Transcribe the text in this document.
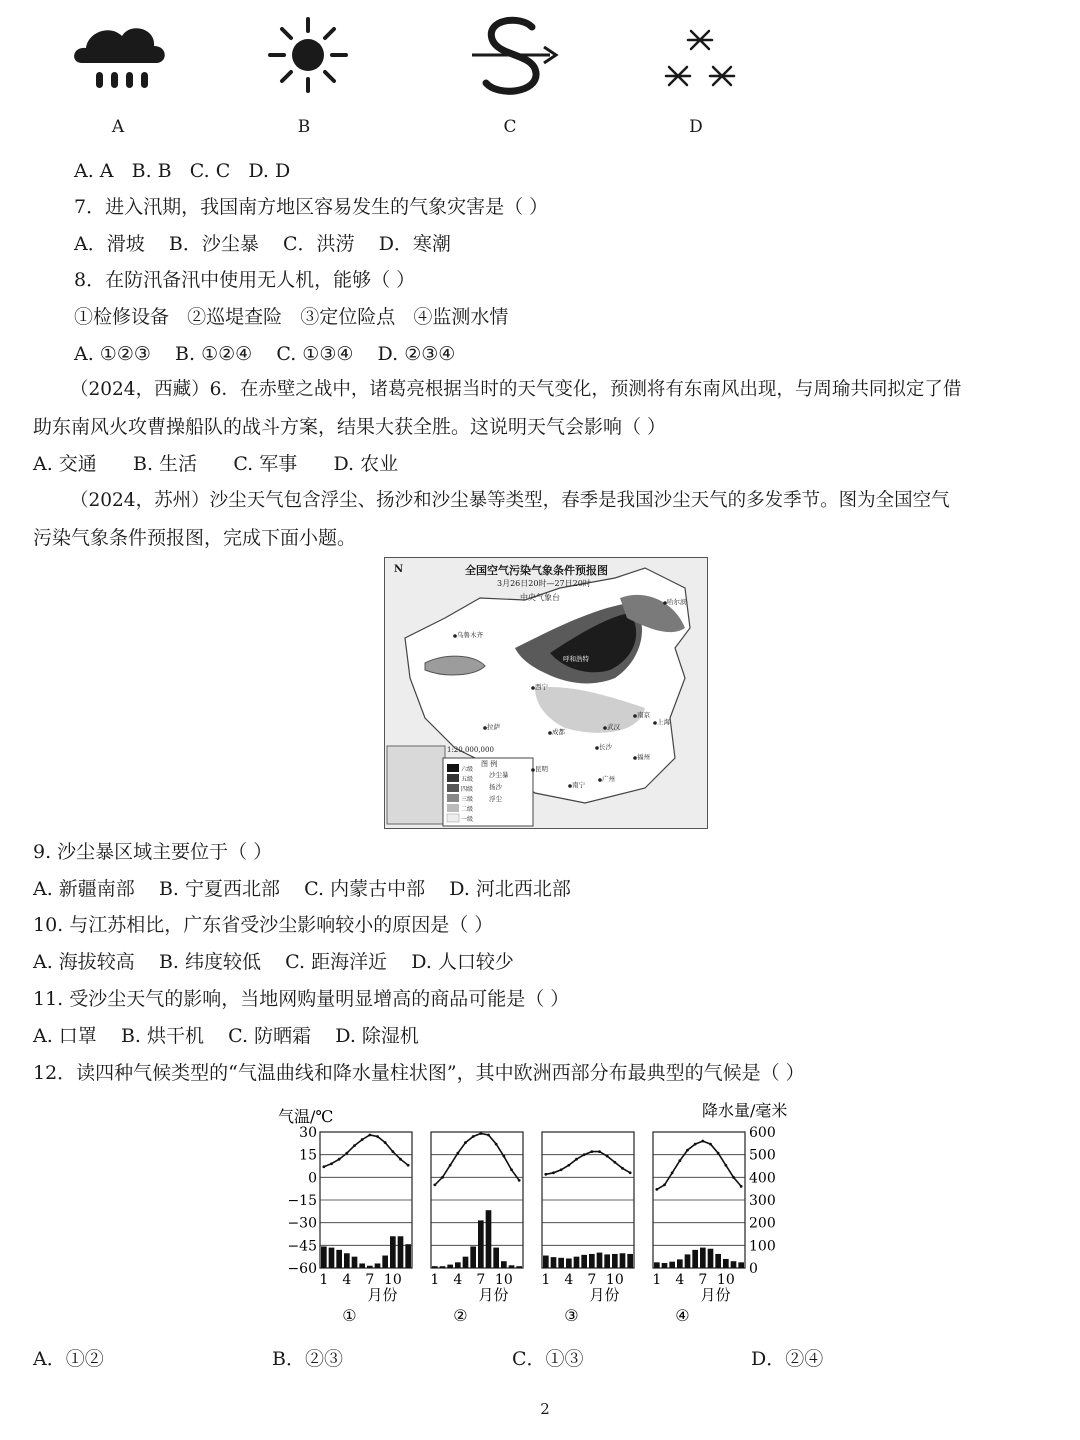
A	B	C	D
A. A   B. B   C. C   D. D
7．进入汛期，我国南方地区容易发生的气象灾害是（ ）
A．滑坡    B．沙尘暴    C．洪涝    D．寒潮
8．在防汛备汛中使用无人机，能够（ ）
①检修设备   ②巡堤查险   ③定位险点   ④监测水情
A. ①②③    B. ①②④    C. ①③④    D. ②③④
（2024，西藏）6．在赤壁之战中，诸葛亮根据当时的天气变化，预测将有东南风出现，与周瑜共同拟定了借
助东南风火攻曹操船队的战斗方案，结果大获全胜。这说明天气会影响（ ）
A. 交通      B. 生活      C. 军事      D. 农业
（2024，苏州）沙尘天气包含浮尘、扬沙和沙尘暴等类型，春季是我国沙尘天气的多发季节。图为全国空气
污染气象条件预报图，完成下面小题。
N	全国空气污染气象条件预报图
3月26日20时—27日20时
中央气象台
1:20,000,000
图 例
六级
五级
四级
三级
二级
一级
沙尘暴
扬沙
浮尘
乌鲁木齐
呼和浩特
西宁
拉萨
成都
武汉
南京
上海
长沙
昆明
南宁
广州
福州
哈尔滨
9. 沙尘暴区域主要位于（ ）
A. 新疆南部    B. 宁夏西北部    C. 内蒙古中部    D. 河北西北部
10. 与江苏相比，广东省受沙尘影响较小的原因是（ ）
A. 海拔较高    B. 纬度较低    C. 距海洋近    D. 人口较少
11. 受沙尘天气的影响，当地网购量明显增高的商品可能是（ ）
A. 口罩    B. 烘干机    C. 防晒霜    D. 除湿机
12．读四种气候类型的“气温曲线和降水量柱状图”，其中欧洲西部分布最典型的气候是（ ）
气温/℃	降水量/毫米
30
15
0
−15
−30
−45
−60
600
500
400
300
200
100
0
1 4 7 10
月份
①
1 4 7 10
月份
②
1 4 7 10
月份
③
1 4 7 10
月份
④
A．①②	B．②③	C．①③	D．②④
2
